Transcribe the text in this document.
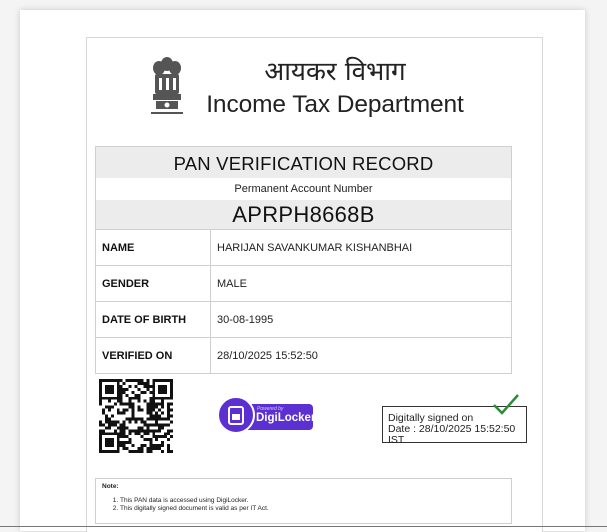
आयकर विभाग
Income Tax Department
PAN VERIFICATION RECORD
Permanent Account Number
APRPH8668B
NAME	HARIJAN SAVANKUMAR KISHANBHAI
GENDER	MALE
DATE OF BIRTH	30-08-1995
VERIFIED ON	28/10/2025 15:52:50
Powered by
DigiLocker	Digitally signed on
Date : 28/10/2025 15:52:50 IST
Note:
1. This PAN data is accessed using DigiLocker.
2. This digitally signed document is valid as per IT Act.
